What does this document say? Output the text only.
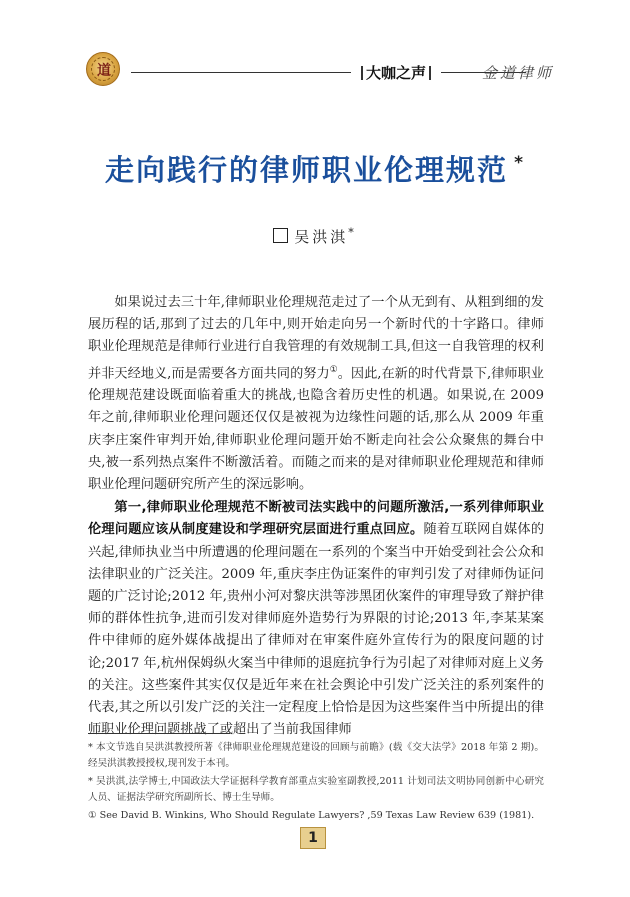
道	大咖之声	金道律师
走向践行的律师职业伦理规范 *
吴洪淇*

如果说过去三十年,律师职业伦理规范走过了一个从无到有、从粗到细的发展历程的话,那到了过去的几年中,则开始走向另一个新时代的十字路口。律师职业伦理规范是律师行业进行自我管理的有效规制工具,但这一自我管理的权利并非天经地义,而是需要各方面共同的努力①。因此,在新的时代背景下,律师职业伦理规范建设既面临着重大的挑战,也隐含着历史性的机遇。如果说,在 2009 年之前,律师职业伦理问题还仅仅是被视为边缘性问题的话,那么从 2009 年重庆李庄案件审判开始,律师职业伦理问题开始不断走向社会公众聚焦的舞台中央,被一系列热点案件不断激活着。而随之而来的是对律师职业伦理规范和律师职业伦理问题研究所产生的深远影响。

第一,律师职业伦理规范不断被司法实践中的问题所激活,一系列律师职业伦理问题应该从制度建设和学理研究层面进行重点回应。随着互联网自媒体的兴起,律师执业当中所遭遇的伦理问题在一系列的个案当中开始受到社会公众和法律职业的广泛关注。2009 年,重庆李庄伪证案件的审判引发了对律师伪证问题的广泛讨论;2012 年,贵州小河对黎庆洪等涉黑团伙案件的审理导致了辩护律师的群体性抗争,进而引发对律师庭外造势行为界限的讨论;2013 年,李某某案件中律师的庭外媒体战提出了律师对在审案件庭外宣传行为的限度问题的讨论;2017 年,杭州保姆纵火案当中律师的退庭抗争行为引起了对律师对庭上义务的关注。这些案件其实仅仅是近年来在社会舆论中引发广泛关注的系列案件的代表,其之所以引发广泛的关注一定程度上恰恰是因为这些案件当中所提出的律师职业伦理问题挑战了或超出了当前我国律师

* 本文节选自吴洪淇教授所著《律师职业伦理规范建设的回顾与前瞻》(载《交大法学》2018 年第 2 期)。经吴洪淇教授授权,现刊发于本刊。
* 吴洪淇,法学博士,中国政法大学证据科学教育部重点实验室副教授,2011 计划司法文明协同创新中心研究人员、证据法学研究所副所长、博士生导师。
① See David B. Winkins, Who Should Regulate Lawyers? ,59 Texas Law Review 639 (1981).
1
